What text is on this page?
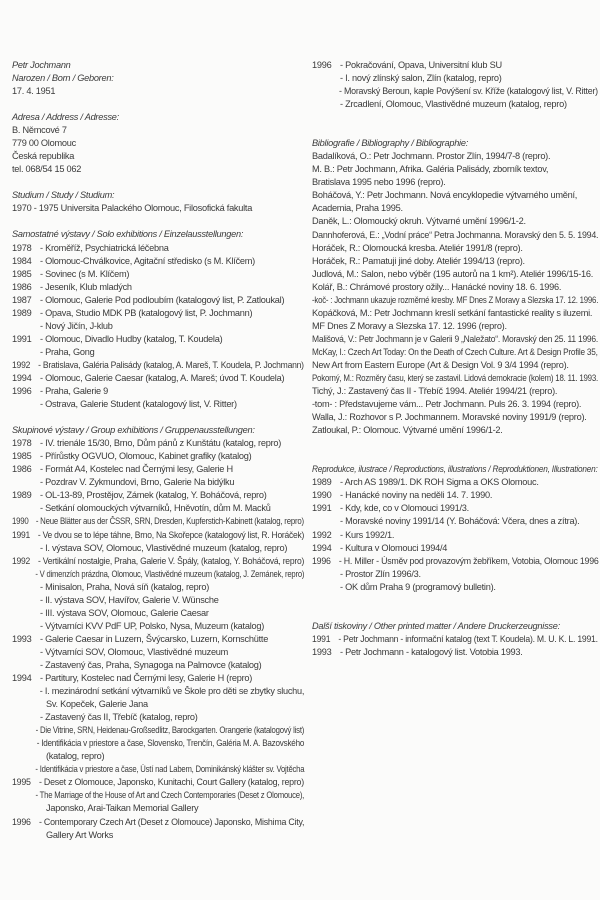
Petr Jochmann
Narozen / Born / Geboren:
17. 4. 1951
Adresa / Address / Adresse:
B. Němcové 7
779 00 Olomouc
Česká republika
tel. 068/54 15 062
Studium / Study / Studium:
1970 - 1975 Universita Palackého Olomouc, Filosofická fakulta
Samostatné výstavy / Solo exhibitions / Einzelausstellungen:
1978 - Kroměříž, Psychiatrická léčebna
1984 - Olomouc-Chválkovice, Agitační středisko (s M. Klíčem)
1985 - Sovinec (s M. Klíčem)
1986 - Jeseník, Klub mladých
1987 - Olomouc, Galerie Pod podloubím (katalogový list, P. Zatloukal)
1989 - Opava, Studio MDK PB (katalogový list, P. Jochmann)
- Nový Jičín, J-klub
1991 - Olomouc, Divadlo Hudby (katalog, T. Koudela)
- Praha, Gong
1992 - Bratislava, Galéria Palisády (katalog, A. Mareš, T. Koudela, P. Jochmann)
1994 - Olomouc, Galerie Caesar (katalog, A. Mareš; úvod T. Koudela)
1996 - Praha, Galerie 9
- Ostrava, Galerie Student (katalogový list, V. Ritter)
Skupinové výstavy / Group exhibitions / Gruppenausstellungen:
1978 - IV. trienále 15/30, Brno, Dům pánů z Kunštátu (katalog, repro)
1985 - Přírůstky OGVUO, Olomouc, Kabinet grafiky (katalog)
1986 - Formát A4, Kostelec nad Černými lesy, Galerie H
- Pozdrav V. Zykmundovi, Brno, Galerie Na bidýlku
1989 - OL-13-89, Prostějov, Zámek (katalog, Y. Boháčová, repro)
- Setkání olomouckých výtvarníků, Hněvotín, dům M. Macků
1990 - Neue Blätter aus der ČSSR, SRN, Dresden, Kupferstich-Kabinett (katalog, repro)
1991 - Ve dvou se to lépe táhne, Brno, Na Skořepce (katalogový list, R. Horáček)
- I. výstava SOV, Olomouc, Vlastivědné muzeum (katalog, repro)
1992 - Vertikální nostalgie, Praha, Galerie V. Špály, (katalog, Y. Boháčová, repro)
- V dimenzích prázdna, Olomouc, Vlastivědné muzeum (katalog, J. Zemánek, repro)
- Minisalon, Praha, Nová síň (katalog, repro)
- II. výstava SOV, Havířov, Galerie V. Wünsche
- III. výstava SOV, Olomouc, Galerie Caesar
- Výtvarníci KVV PdF UP, Polsko, Nysa, Muzeum (katalog)
1993 - Galerie Caesar in Luzern, Švýcarsko, Luzern, Kornschütte
- Výtvarníci SOV, Olomouc, Vlastivědné muzeum
- Zastavený čas, Praha, Synagoga na Palmovce (katalog)
1994 - Partitury, Kostelec nad Černými lesy, Galerie H (repro)
- I. mezinárodní setkání výtvarníků ve Škole pro děti se zbytky sluchu,
Sv. Kopeček, Galerie Jana
- Zastavený čas II, Třebíč (katalog, repro)
- Die Vitrine, SRN, Heidenau-Großsedlitz, Barockgarten. Orangerie (katalogový list)
- Identifikácia v priestore a čase, Slovensko, Trenčín, Galéria M. A. Bazovského
(katalog, repro)
- Identifikácia v priestore a čase, Ústí nad Labem, Dominikánský klášter sv. Vojtěcha
1995 - Deset z Olomouce, Japonsko, Kunitachi, Court Gallery (katalog, repro)
- The Marriage of the House of Art and Czech Contemporaries (Deset z Olomouce),
Japonsko, Arai-Taikan Memorial Gallery
1996 - Contemporary Czech Art (Deset z Olomouce) Japonsko, Mishima City,
Gallery Art Works
1996 - Pokračování, Opava, Universitní klub SU
- I. nový zlínský salon, Zlín (katalog, repro)
- Moravský Beroun, kaple Povýšení sv. Kříže (katalogový list, V. Ritter)
- Zrcadlení, Olomouc, Vlastivědné muzeum (katalog, repro)
Bibliografie / Bibliography / Bibliographie:
Badalíková, O.: Petr Jochmann. Prostor Zlín, 1994/7-8 (repro).
M. B.: Petr Jochmann, Afrika. Galéria Palisády, zborník textov,
Bratislava 1995 nebo 1996 (repro).
Boháčová, Y.: Petr Jochmann. Nová encyklopedie výtvarného umění,
Academia, Praha 1995.
Daněk, L.: Olomoucký okruh. Výtvarné umění 1996/1-2.
Dannhoferová, E.: „Vodní práce“ Petra Jochmanna. Moravský den 5. 5. 1994.
Horáček, R.: Olomoucká kresba. Ateliér 1991/8 (repro).
Horáček, R.: Pamatuji jiné doby. Ateliér 1994/13 (repro).
Judlová, M.: Salon, nebo výběr (195 autorů na 1 km²). Ateliér 1996/15-16.
Kolář, B.: Chrámové prostory ožily... Hanácké noviny 18. 6. 1996.
-koč- : Jochmann ukazuje rozměrné kresby. MF Dnes Z Moravy a Slezska 17. 12. 1996.
Kopáčková, M.: Petr Jochmann kreslí setkání fantastické reality s iluzemi.
MF Dnes Z Moravy a Slezska 17. 12. 1996 (repro).
Mališová, V.: Petr Jochmann je v Galerii 9 „Naležato“. Moravský den 25. 11 1996.
McKay, I.: Czech Art Today: On the Death of Czech Culture. Art & Design Profile 35,
New Art from Eastern Europe (Art & Design Vol. 9 3/4 1994 (repro).
Pokorný, M.: Rozměry času, který se zastavil. Lidová demokracie (kolem) 18. 11. 1993.
Tichý, J.: Zastavený čas II - Třebíč 1994. Ateliér 1994/21 (repro).
-tom- : Představujeme vám... Petr Jochmann. Puls 26. 3. 1994 (repro).
Walla, J.: Rozhovor s P. Jochmannem. Moravské noviny 1991/9 (repro).
Zatloukal, P.: Olomouc. Výtvarné umění 1996/1-2.
Reprodukce, ilustrace / Reproductions, illustrations / Reproduktionen, Illustrationen:
1989 - Arch AS 1989/1. DK ROH Sigma a OKS Olomouc.
1990 - Hanácké noviny na neděli 14. 7. 1990.
1991 - Kdy, kde, co v Olomouci 1991/3.
- Moravské noviny 1991/14 (Y. Boháčová: Včera, dnes a zítra).
1992 - Kurs 1992/1.
1994 - Kultura v Olomouci 1994/4
1996 - H. Miller - Úsměv pod provazovým žebříkem, Votobia, Olomouc 1996
- Prostor Zlín 1996/3.
- OK dům Praha 9 (programový bulletin).
Další tiskoviny / Other printed matter / Andere Druckerzeugnisse:
1991 - Petr Jochmann - informační katalog (text T. Koudela). M. U. K. L. 1991.
1993 - Petr Jochmann - katalogový list. Votobia 1993.
